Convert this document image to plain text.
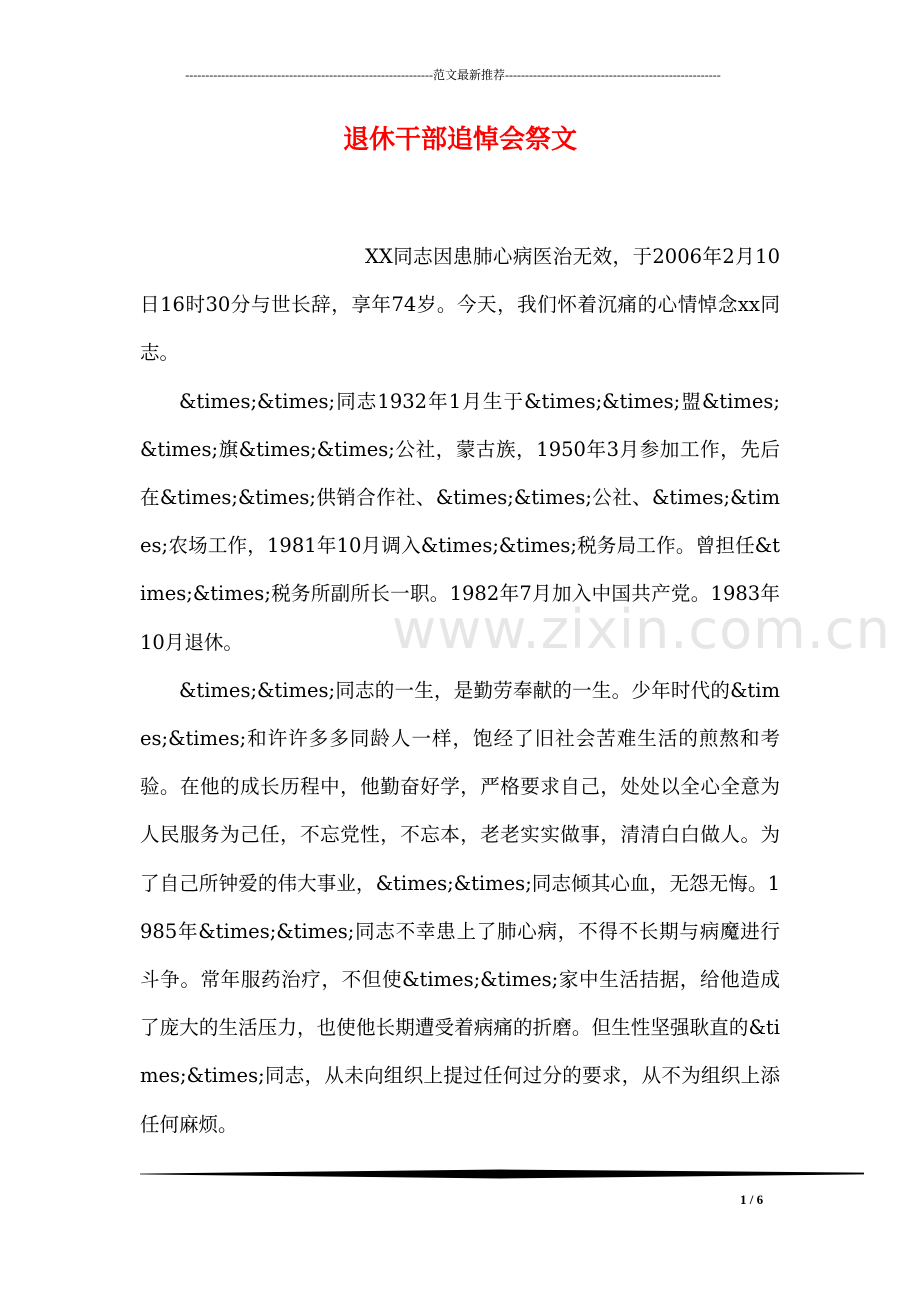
--------------------------------------------------------------范文最新推荐------------------------------------------------------
退休干部追悼会祭文

XX同志因患肺心病医治无效，于2006年2月10日16时30分与世长辞，享年74岁。今天，我们怀着沉痛的心情悼念xx同志。

&times;&times;同志1932年1月生于&times;&times;盟&times;&times;旗&times;&times;公社，蒙古族，1950年3月参加工作，先后在&times;&times;供销合作社、&times;&times;公社、&times;&times;农场工作，1981年10月调入&times;&times;税务局工作。曾担任&times;&times;税务所副所长一职。1982年7月加入中国共产党。1983年10月退休。

&times;&times;同志的一生，是勤劳奉献的一生。少年时代的&times;&times;和许许多多同龄人一样，饱经了旧社会苦难生活的煎熬和考验。在他的成长历程中，他勤奋好学，严格要求自己，处处以全心全意为人民服务为己任，不忘党性，不忘本，老老实实做事，清清白白做人。为了自己所钟爱的伟大事业，&times;&times;同志倾其心血，无怨无悔。1985年&times;&times;同志不幸患上了肺心病，不得不长期与病魔进行斗争。常年服药治疗，不但使&times;&times;家中生活拮据，给他造成了庞大的生活压力，也使他长期遭受着病痛的折磨。但生性坚强耿直的&times;&times;同志，从未向组织上提过任何过分的要求，从不为组织上添任何麻烦。

www.zixin.com.cn
1 / 6
